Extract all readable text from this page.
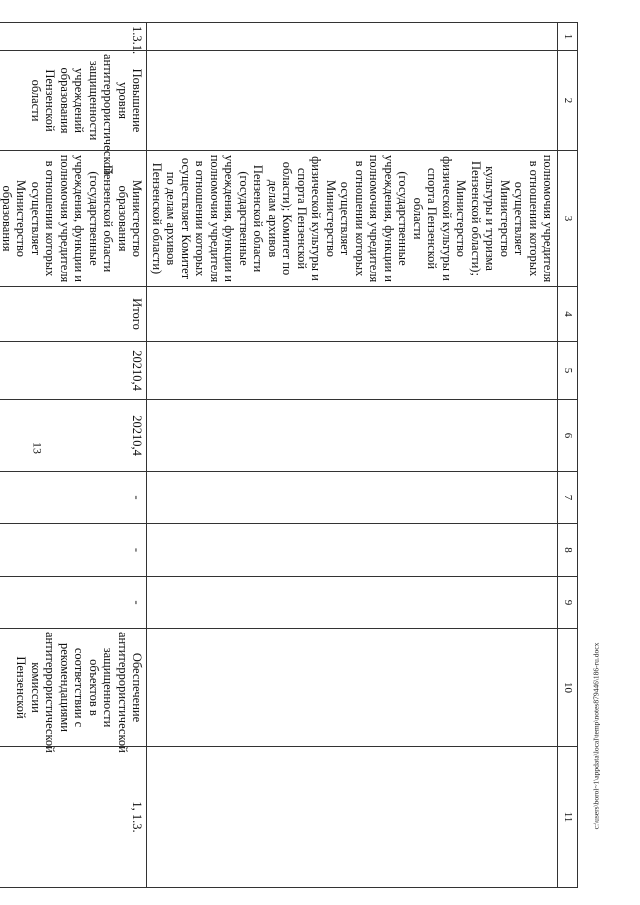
13
c:\users\borol~1\appdata\local\temp\notes879446\186-ru.docx
1	2	3	4	5	6	7	8	9	10	11
		полномочия учредителя в отношении которых осуществляет Министерство культуры и туризма Пензенской области); Министерство физической культуры и спорта Пензенской области (государственные учреждения, функции и полномочия учредителя в отношении которых осуществляет Министерство физической культуры и спорта Пензенской области); Комитет по делам архивов Пензенской области (государственные учреждения, функции и полномочия учредителя в отношении которых осуществляет Комитет по делам архивов Пензенской области)								
1.3.1.	Повышение уровня антитеррористической защищенности учреждений образования Пензенской области	Министерство образования Пензенской области (государственные учреждения, функции и полномочия учредителя в отношении которых осуществляет Министерство образования	Итого	20210,4	20210,4	-	-	-	Обеспечение антитеррористической защищенности объектов в соответствии с рекомендациями антитеррористической комиссии Пензенской	1, 1.3.
